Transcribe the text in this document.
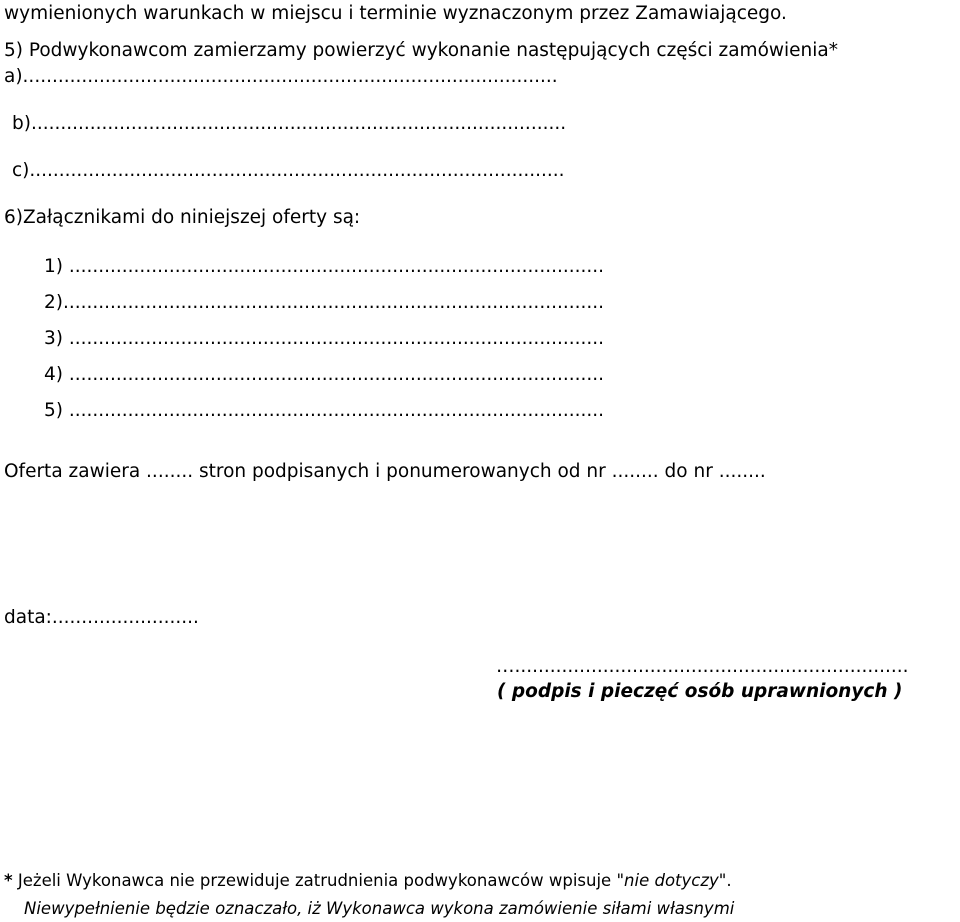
wymienionych warunkach w miejscu i terminie wyznaczonym przez Zamawiającego.
5) Podwykonawcom zamierzamy powierzyć wykonanie następujących części zamówienia*
a)...........................................................................................
b)...........................................................................................
c)...........................................................................................
6)Załącznikami do niniejszej oferty są:
1) ...........................................................................................
2)............................................................................................
3) ...........................................................................................
4) ...........................................................................................
5) ...........................................................................................
Oferta zawiera ........ stron podpisanych i ponumerowanych od nr ........ do nr ........
data:.........................
…...................................................................
( podpis i pieczęć osób uprawnionych )
* Jeżeli Wykonawca nie przewiduje zatrudnienia podwykonawców wpisuje "nie dotyczy".
Niewypełnienie będzie oznaczało, iż Wykonawca wykona zamówienie siłami własnymi
